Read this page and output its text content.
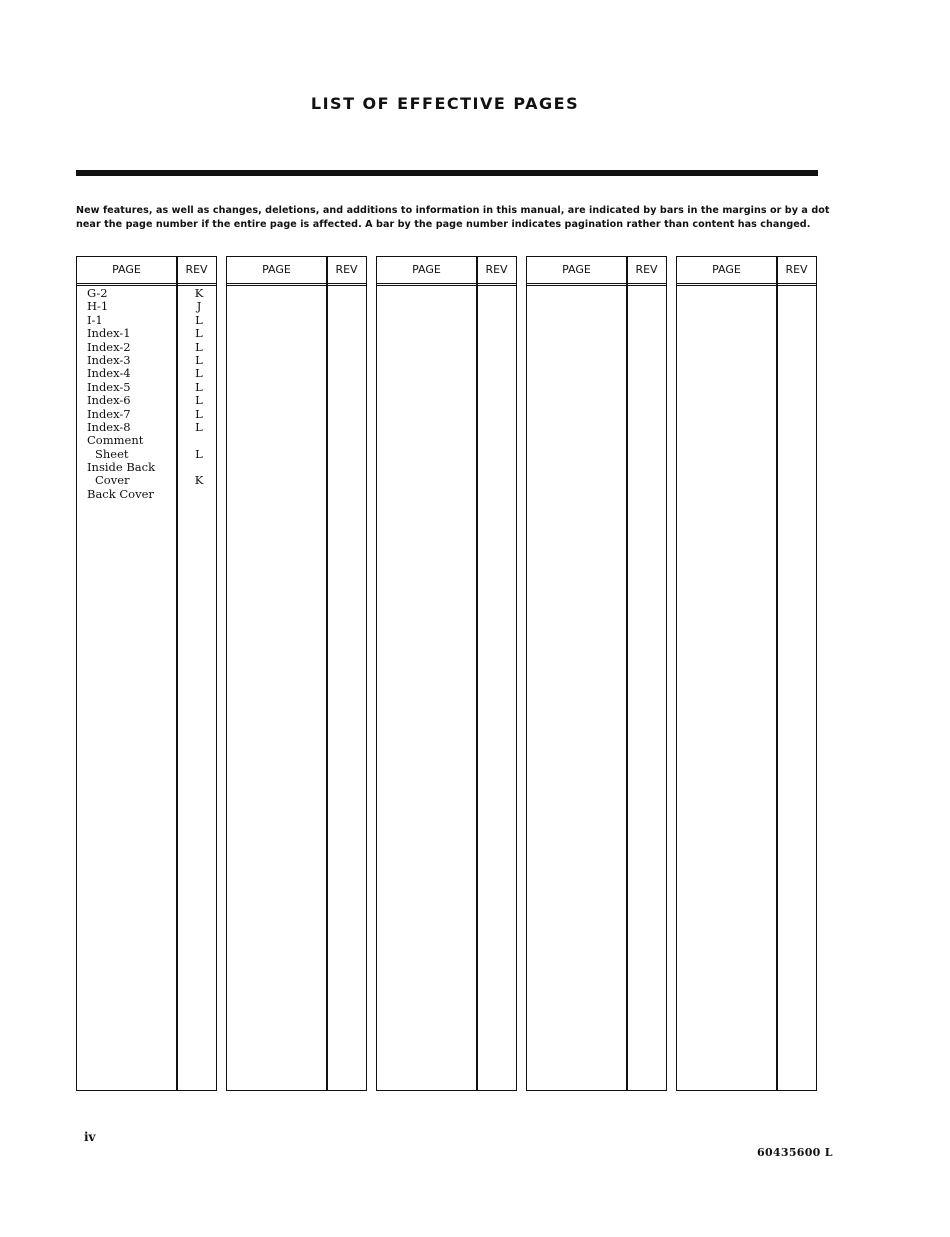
LIST OF EFFECTIVE PAGES

New features, as well as changes, deletions, and additions to information in this manual, are indicated by bars in the margins or by a dot

near the page number if the entire page is affected. A bar by the page number indicates pagination rather than content has changed.

PAGE	REV
G-2	K
H-1	J
I-1	L
Index-1	L
Index-2	L
Index-3	L
Index-4	L
Index-5	L
Index-6	L
Index-7	L
Index-8	L
Comment
Sheet	L
Inside Back
Cover	K
Back Cover
PAGE	REV	PAGE	REV	PAGE	REV	PAGE	REV
iv
60435600 L
